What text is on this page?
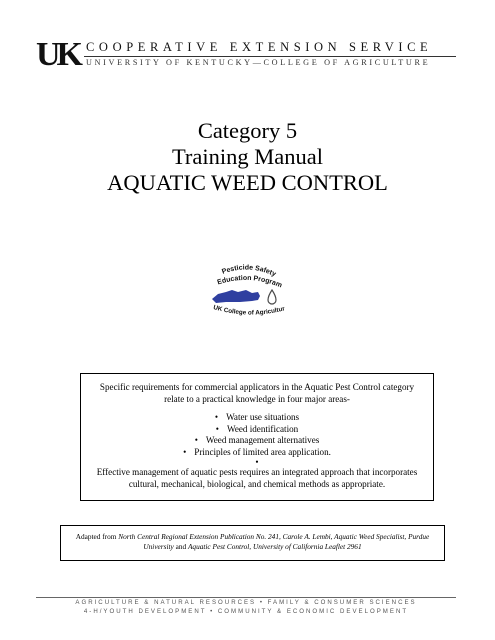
UK COOPERATIVE EXTENSION SERVICE
UNIVERSITY OF KENTUCKY—COLLEGE OF AGRICULTURE
Category 5
Training Manual
AQUATIC WEED CONTROL
Pesticide Safety
Education Program
UK College of Agricultur

Specific requirements for commercial applicators in the Aquatic Pest Control category relate to a practical knowledge in four major areas-

• Water use situations
• Weed identification
• Weed management alternatives
• Principles of limited area application.
•

Effective management of aquatic pests requires an integrated approach that incorporates cultural, mechanical, biological, and chemical methods as appropriate.

Adapted from North Central Regional Extension Publication No. 241, Carole A. Lembi, Aquatic Weed Specialist, Purdue University and Aquatic Pest Control, University of California Leaflet 2961
AGRICULTURE & NATURAL RESOURCES • FAMILY & CONSUMER SCIENCES
4-H/YOUTH DEVELOPMENT • COMMUNITY & ECONOMIC DEVELOPMENT
